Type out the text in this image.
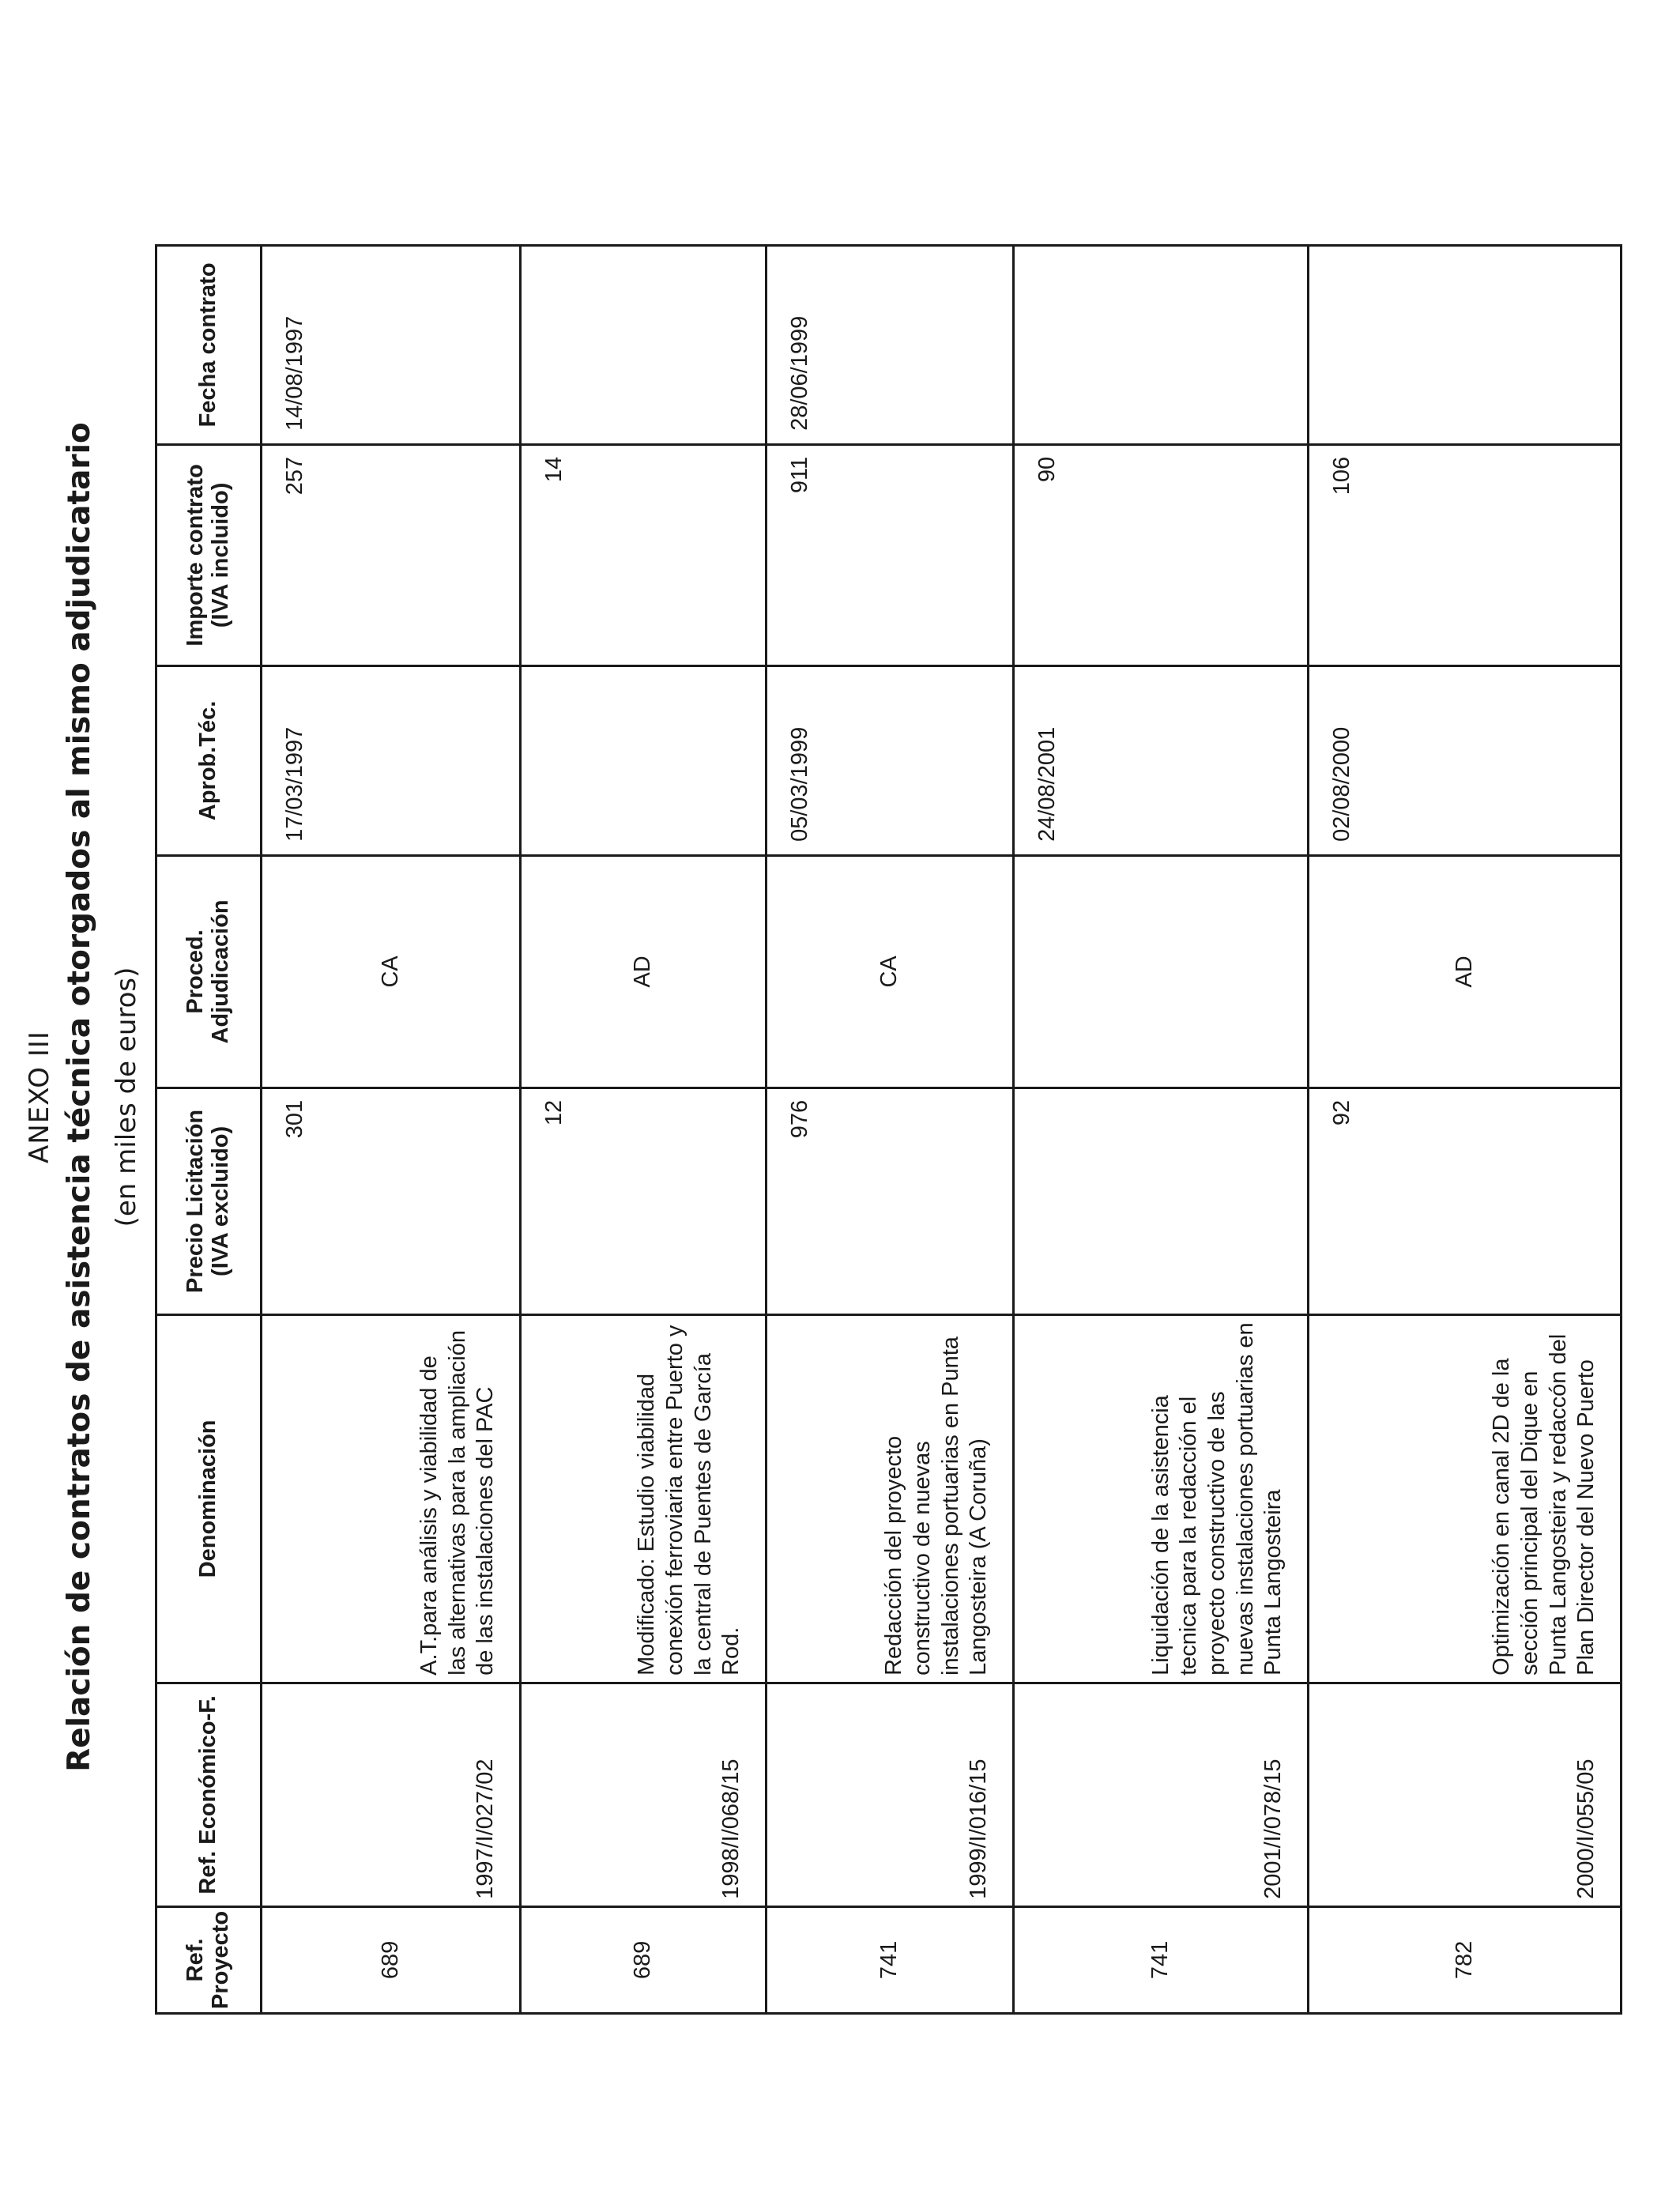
ANEXO III Relación de contratos de asistencia técnica otorgados al mismo adjudicatario (en miles de euros)
Ref. Proyecto	Ref. Económico-F.	Denominación	Precio Licitación (IVA excluido)	Proced. Adjudicación	Aprob.Téc.	Importe contrato (IVA incluido)	Fecha contrato
689	1997/I/027/02	A.T.para análisis y viabilidad de las alternativas para la ampliación de las instalaciones del PAC	301	CA	17/03/1997	257	14/08/1997
689	1998/I/068/15	Modificado: Estudio viabilidad conexión ferroviaria entre Puerto y la central de Puentes de García Rod.	12	AD		14	
741	1999/I/016/15	Redacción del proyecto constructivo de nuevas instalaciones portuarias en Punta Langosteira (A Coruña)	976	CA	05/03/1999	911	28/06/1999
741	2001/I/078/15	Liquidación de la asistencia tecnica para la redacción el proyecto constructivo de las nuevas instalaciones portuarias en Punta Langosteira			24/08/2001	90	
782	2000/I/055/05	Optimización en canal 2D de la sección principal del Dique en Punta Langosteira y redaccón del Plan Director del Nuevo Puerto	92	AD	02/08/2000	106	
